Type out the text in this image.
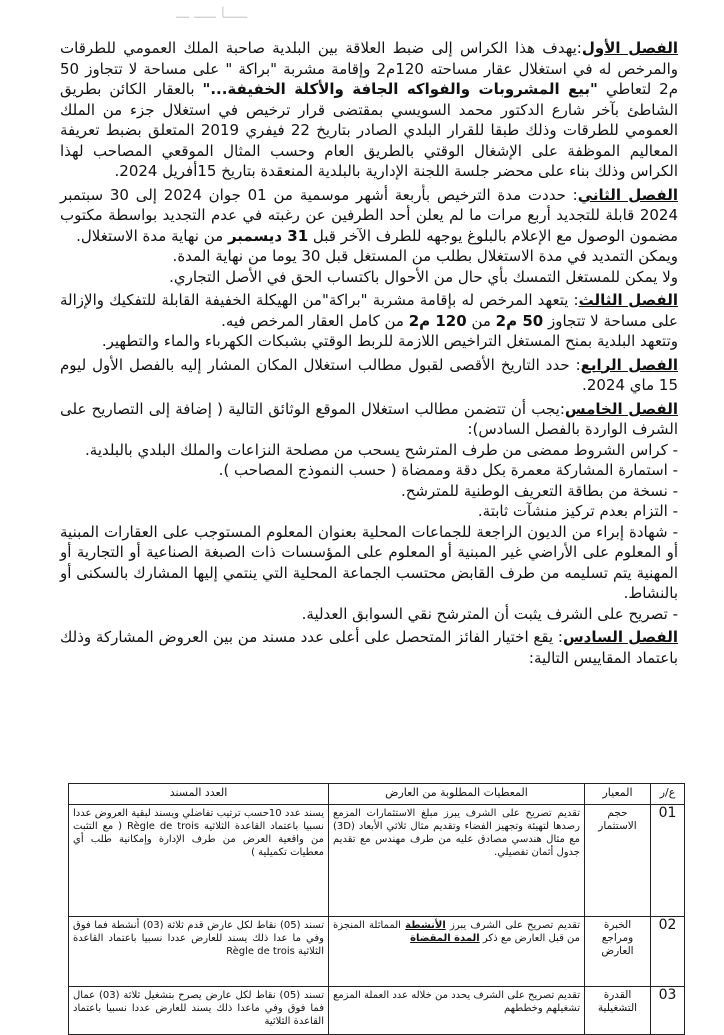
ـــــا ـــــ ـــ

الفصل الأول:يهدف هذا الكراس إلى ضبط العلاقة بين البلدية صاحبة الملك العمومي للطرقات والمرخص له في استغلال عقار مساحته 120م2 وإقامة مشربة "براكة " على مساحة لا تتجاوز 50 م2 لتعاطي "بيع المشروبات والفواكه الجافة والأكلة الخفيفة..." بالعقار الكائن بطريق الشاطئ بآخر شارع الدكتور محمد السويسي بمقتضى قرار ترخيص في استغلال جزء من الملك العمومي للطرقات وذلك طبقا للقرار البلدي الصادر بتاريخ 22 فيفري 2019 المتعلق بضبط تعريفة المعاليم الموظفة على الإشغال الوقتي بالطريق العام وحسب المثال الموقعي المصاحب لهذا الكراس وذلك بناء على محضر جلسة اللجنة الإدارية بالبلدية المنعقدة بتاريخ 15أفريل 2024.

الفصل الثاني: حددت مدة الترخيص بأربعة أشهر موسمية من 01 جوان 2024 إلى 30 سبتمبر 2024 قابلة للتجديد أربع مرات ما لم يعلن أحد الطرفين عن رغبته في عدم التجديد بواسطة مكتوب مضمون الوصول مع الإعلام بالبلوغ يوجهه للطرف الآخر قبل 31 ديسمبر من نهاية مدة الاستغلال.

ويمكن التمديد في مدة الاستغلال بطلب من المستغل قبل 30 يوما من نهاية المدة.

ولا يمكن للمستغل التمسك بأي حال من الأحوال باكتساب الحق في الأصل التجاري.

الفصل الثالث: يتعهد المرخص له بإقامة مشربة "براكة"من الهيكلة الخفيفة القابلة للتفكيك والإزالة على مساحة لا تتجاوز 50 م2 من 120 م2 من كامل العقار المرخص فيه.

وتتعهد البلدية بمنح المستغل التراخيص اللازمة للربط الوقتي بشبكات الكهرباء والماء والتطهير.

الفصل الرابع: حدد التاريخ الأقصى لقبول مطالب استغلال المكان المشار إليه بالفصل الأول ليوم 15 ماي 2024.

الفصل الخامس:يجب أن تتضمن مطالب استغلال الموقع الوثائق التالية ( إضافة إلى التصاريح على الشرف الواردة بالفصل السادس):

- كراس الشروط ممضى من طرف المترشح يسحب من مصلحة النزاعات والملك البلدي بالبلدية.

- استمارة المشاركة معمرة بكل دقة وممضاة ( حسب النموذج المصاحب ).

- نسخة من بطاقة التعريف الوطنية للمترشح.

- التزام بعدم تركيز منشآت ثابتة.

- شهادة إبراء من الديون الراجعة للجماعات المحلية بعنوان المعلوم المستوجب على العقارات المبنية أو المعلوم على الأراضي غير المبنية أو المعلوم على المؤسسات ذات الصبغة الصناعية أو التجارية أو المهنية يتم تسليمه من طرف القابض محتسب الجماعة المحلية التي ينتمي إليها المشارك بالسكنى أو بالنشاط.

- تصريح على الشرف يثبت أن المترشح نقي السوابق العدلية.

الفصل السادس: يقع اختيار الفائز المتحصل على أعلى عدد مسند من بين العروض المشاركة وذلك باعتماد المقاييس التالية:

ع/ر	المعيار	المعطيات المطلوبة من العارض	العدد المسند
01	حجم الاستثمار	تقديم تصريح على الشرف يبرز مبلغ الاستثمارات المزمع رصدها لتهيئة وتجهيز الفضاء وتقديم مثال ثلاثي الأبعاد (3D) مع مثال هندسي مصادق عليه من طرف مهندس مع تقديم جدول أثمان تفصيلي.	يسند عدد 10حسب ترتيب تفاضلي ويسند لبقية العروض عددا نسبيا باعتماد القاعدة الثلاثية Règle de trois ( مع التثبت من واقعية العرض من طرف الإدارة وإمكانية طلب أي معطيات تكميلية )
02	الخبرة ومراجع العارض	تقديم تصريح على الشرف يبرز الأنشطة المماثلة المنجزة من قبل العارض مع ذكر المدة المقضاة	تسند (05) نقاط لكل عارض قدم ثلاثة (03) أنشطة فما فوق وفي ما عدا ذلك يسند للعارض عددا نسبيا باعتماد القاعدة الثلاثية Règle de trois
03	القدرة التشغيلية	تقديم تصريح على الشرف يحدد من خلاله عدد العملة المزمع تشغيلهم وخططهم	تسند (05) نقاط لكل عارض يصرح بتشغيل ثلاثة (03) عمال فما فوق وفي ماعدا ذلك يسند للعارض عددا نسبيا باعتماد القاعدة الثلاثية
